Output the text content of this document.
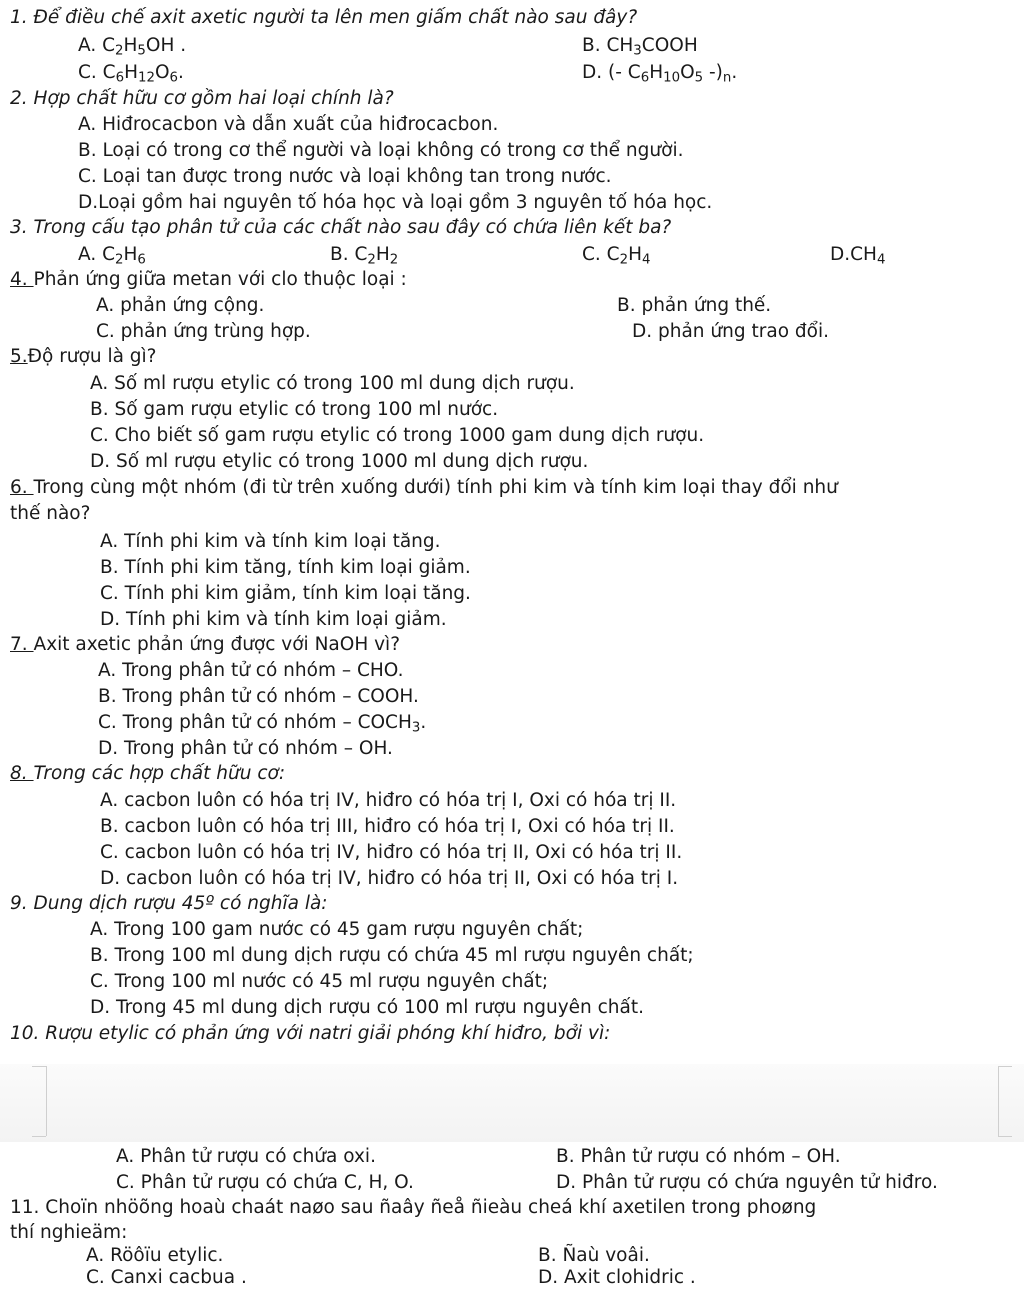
1. Để điều chế axit axetic người ta lên men giấm chất nào sau đây?
A. $C_2H_5OH$ .	B. $CH_3COOH$
C. $C_6H_{12}O_6$.	D. (- $C_6H_{10}O_5$ $-)_n$.
2. Hợp chất hữu cơ gồm hai loại chính là?
A. Hiđrocacbon và dẫn xuất của hiđrocacbon.
B. Loại có trong cơ thể người và loại không có trong cơ thể người.
C. Loại tan được trong nước và loại không tan trong nước.
D.Loại gồm hai nguyên tố hóa học và loại gồm 3 nguyên tố hóa học.
3. Trong cấu tạo phân tử của các chất nào sau đây có chứa liên kết ba?
A. $C_2H_6$	B. $C_2H_2$	C. $C_2H_4$	$D.CH_4$
4. Phản ứng giữa metan với clo thuộc loại :
A. phản ứng cộng.	B. phản ứng thế.
C. phản ứng trùng hợp.	D. phản ứng trao đổi.
5.Độ rượu là gì?
A. Số ml rượu etylic có trong 100 ml dung dịch rượu.
B. Số gam rượu etylic có trong 100 ml nước.
C. Cho biết số gam rượu etylic có trong 1000 gam dung dịch rượu.
D. Số ml rượu etylic có trong 1000 ml dung dịch rượu.
6. Trong cùng một nhóm (đi từ trên xuống dưới) tính phi kim và tính kim loại thay đổi như
thế nào?
A. Tính phi kim và tính kim loại tăng.
B. Tính phi kim tăng, tính kim loại giảm.
C. Tính phi kim giảm, tính kim loại tăng.
D. Tính phi kim và tính kim loại giảm.
7. Axit axetic phản ứng được với NaOH vì?
A. Trong phân tử có nhóm – CHO.
B. Trong phân tử có nhóm – COOH.
C. Trong phân tử có nhóm – $COCH_3$.
D. Trong phân tử có nhóm – OH.
8. Trong các hợp chất hữu cơ:
A. cacbon luôn có hóa trị IV, hiđro có hóa trị I, Oxi có hóa trị II.
B. cacbon luôn có hóa trị III, hiđro có hóa trị I, Oxi có hóa trị II.
C. cacbon luôn có hóa trị IV, hiđro có hóa trị II, Oxi có hóa trị II.
D. cacbon luôn có hóa trị IV, hiđro có hóa trị II, Oxi có hóa trị I.
9. Dung dịch rượu 45º có nghĩa là:
A. Trong 100 gam nước có 45 gam rượu nguyên chất;
B. Trong 100 ml dung dịch rượu có chứa 45 ml rượu nguyên chất;
C. Trong 100 ml nước có 45 ml rượu nguyên chất;
D. Trong 45 ml dung dịch rượu có 100 ml rượu nguyên chất.
10. Rượu etylic có phản ứng với natri giải phóng khí hiđro, bởi vì:
A. Phân tử rượu có chứa oxi.	B. Phân tử rượu có nhóm – OH.
C. Phân tử rượu có chứa C, H, O.	D. Phân tử rượu có chứa nguyên tử hiđro.
11. Choïn nhöõng hoaù chaát naøo sau ñaây ñeå ñieàu cheá khí axetilen trong phoøng
thí nghieäm:
A. Röôïu etylic.	B. Ñaù voâi.
C. Canxi cacbua .	D. Axit clohidric .
